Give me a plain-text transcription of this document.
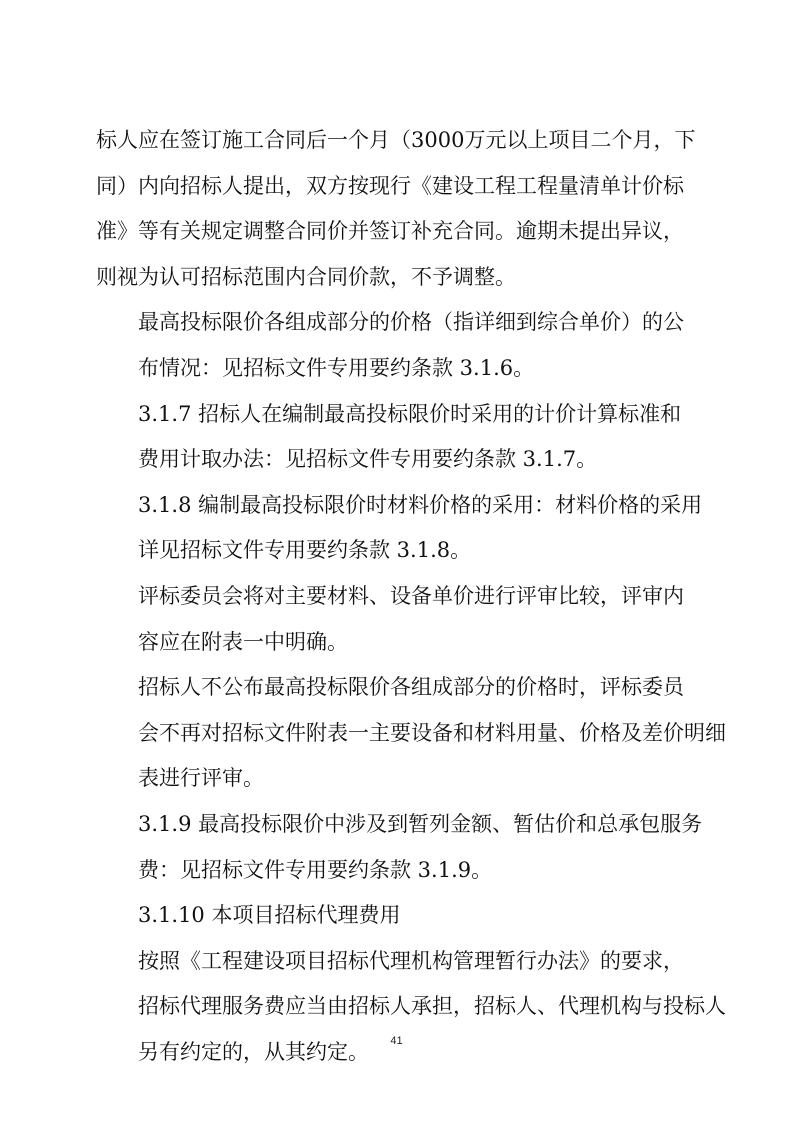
标人应在签订施工合同后一个月（3000万元以上项目二个月，下
同）内向招标人提出，双方按现行《建设工程工程量清单计价标
准》等有关规定调整合同价并签订补充合同。逾期未提出异议，
则视为认可招标范围内合同价款，不予调整。
最高投标限价各组成部分的价格（指详细到综合单价）的公
布情况：见招标文件专用要约条款 3.1.6。
3.1.7 招标人在编制最高投标限价时采用的计价计算标准和
费用计取办法：见招标文件专用要约条款 3.1.7。
3.1.8 编制最高投标限价时材料价格的采用：材料价格的采用
详见招标文件专用要约条款 3.1.8。
评标委员会将对主要材料、设备单价进行评审比较，评审内
容应在附表一中明确。
招标人不公布最高投标限价各组成部分的价格时，评标委员
会不再对招标文件附表一主要设备和材料用量、价格及差价明细
表进行评审。
3.1.9 最高投标限价中涉及到暂列金额、暂估价和总承包服务
费：见招标文件专用要约条款 3.1.9。
3.1.10 本项目招标代理费用
按照《工程建设项目招标代理机构管理暂行办法》的要求，
招标代理服务费应当由招标人承担，招标人、代理机构与投标人
另有约定的，从其约定。	41
